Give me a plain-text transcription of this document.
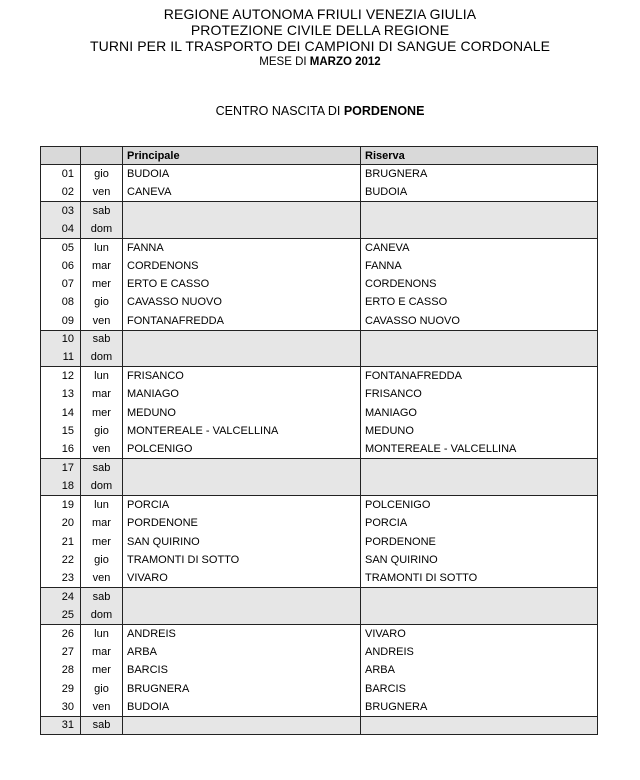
REGIONE AUTONOMA FRIULI VENEZIA GIULIA
PROTEZIONE CIVILE DELLA REGIONE
TURNI PER IL TRASPORTO DEI CAMPIONI DI SANGUE CORDONALE
MESE DI MARZO 2012
CENTRO NASCITA DI PORDENONE
		Principale	Riserva
01	gio	BUDOIA	BRUGNERA
02	ven	CANEVA	BUDOIA
03	sab		
04	dom		
05	lun	FANNA	CANEVA
06	mar	CORDENONS	FANNA
07	mer	ERTO E CASSO	CORDENONS
08	gio	CAVASSO NUOVO	ERTO E CASSO
09	ven	FONTANAFREDDA	CAVASSO NUOVO
10	sab		
11	dom		
12	lun	FRISANCO	FONTANAFREDDA
13	mar	MANIAGO	FRISANCO
14	mer	MEDUNO	MANIAGO
15	gio	MONTEREALE - VALCELLINA	MEDUNO
16	ven	POLCENIGO	MONTEREALE - VALCELLINA
17	sab		
18	dom		
19	lun	PORCIA	POLCENIGO
20	mar	PORDENONE	PORCIA
21	mer	SAN QUIRINO	PORDENONE
22	gio	TRAMONTI DI SOTTO	SAN QUIRINO
23	ven	VIVARO	TRAMONTI DI SOTTO
24	sab		
25	dom		
26	lun	ANDREIS	VIVARO
27	mar	ARBA	ANDREIS
28	mer	BARCIS	ARBA
29	gio	BRUGNERA	BARCIS
30	ven	BUDOIA	BRUGNERA
31	sab		
